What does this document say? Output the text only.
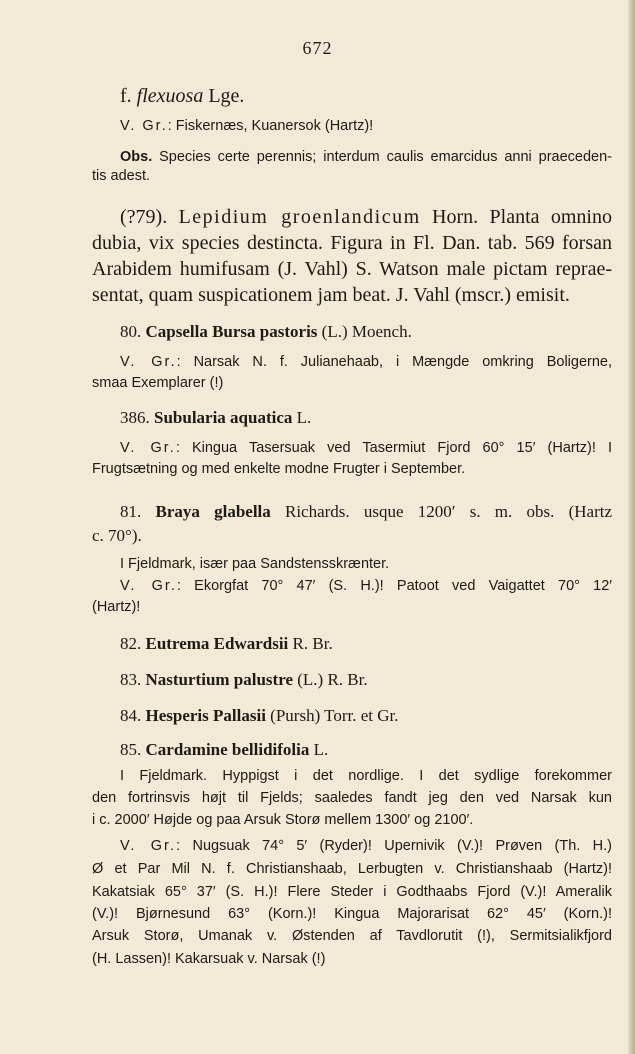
672
f. flexuosa Lge.
V. Gr.: Fiskernæs, Kuanersok (Hartz)!
Obs. Species certe perennis; interdum caulis emarcidus anni praeceden-
tis adest.
(?79). Lepidium groenlandicum Horn. Planta omnino
dubia, vix species destincta. Figura in Fl. Dan. tab. 569 forsan
Arabidem humifusam (J. Vahl) S. Watson male pictam reprae-
sentat, quam suspicationem jam beat. J. Vahl (mscr.) emisit.
80. Capsella Bursa pastoris (L.) Moench.
V. Gr.: Narsak N. f. Julianehaab, i Mængde omkring Boligerne,
smaa Exemplarer (!)
386. Subularia aquatica L.
V. Gr.: Kingua Tasersuak ved Tasermiut Fjord 60° 15′ (Hartz)! I
Frugtsætning og med enkelte modne Frugter i September.
81. Braya glabella Richards. usque 1200′ s. m. obs. (Hartz
c. 70°).
I Fjeldmark, især paa Sandstensskrænter.
V. Gr.: Ekorgfat 70° 47′ (S. H.)! Patoot ved Vaigattet 70° 12′
(Hartz)!
82. Eutrema Edwardsii R. Br.
83. Nasturtium palustre (L.) R. Br.
84. Hesperis Pallasii (Pursh) Torr. et Gr.
85. Cardamine bellidifolia L.
I Fjeldmark. Hyppigst i det nordlige. I det sydlige forekommer
den fortrinsvis højt til Fjelds; saaledes fandt jeg den ved Narsak kun
i c. 2000′ Højde og paa Arsuk Storø mellem 1300′ og 2100′.
V. Gr.: Nugsuak 74° 5′ (Ryder)! Upernivik (V.)! Prøven (Th. H.)
Ø et Par Mil N. f. Christianshaab, Lerbugten v. Christianshaab (Hartz)!
Kakatsiak 65° 37′ (S. H.)! Flere Steder i Godthaabs Fjord (V.)! Ameralik
(V.)! Bjørnesund 63° (Korn.)! Kingua Majorarisat 62° 45′ (Korn.)!
Arsuk Storø, Umanak v. Østenden af Tavdlorutit (!), Sermitsialikfjord
(H. Lassen)! Kakarsuak v. Narsak (!)
